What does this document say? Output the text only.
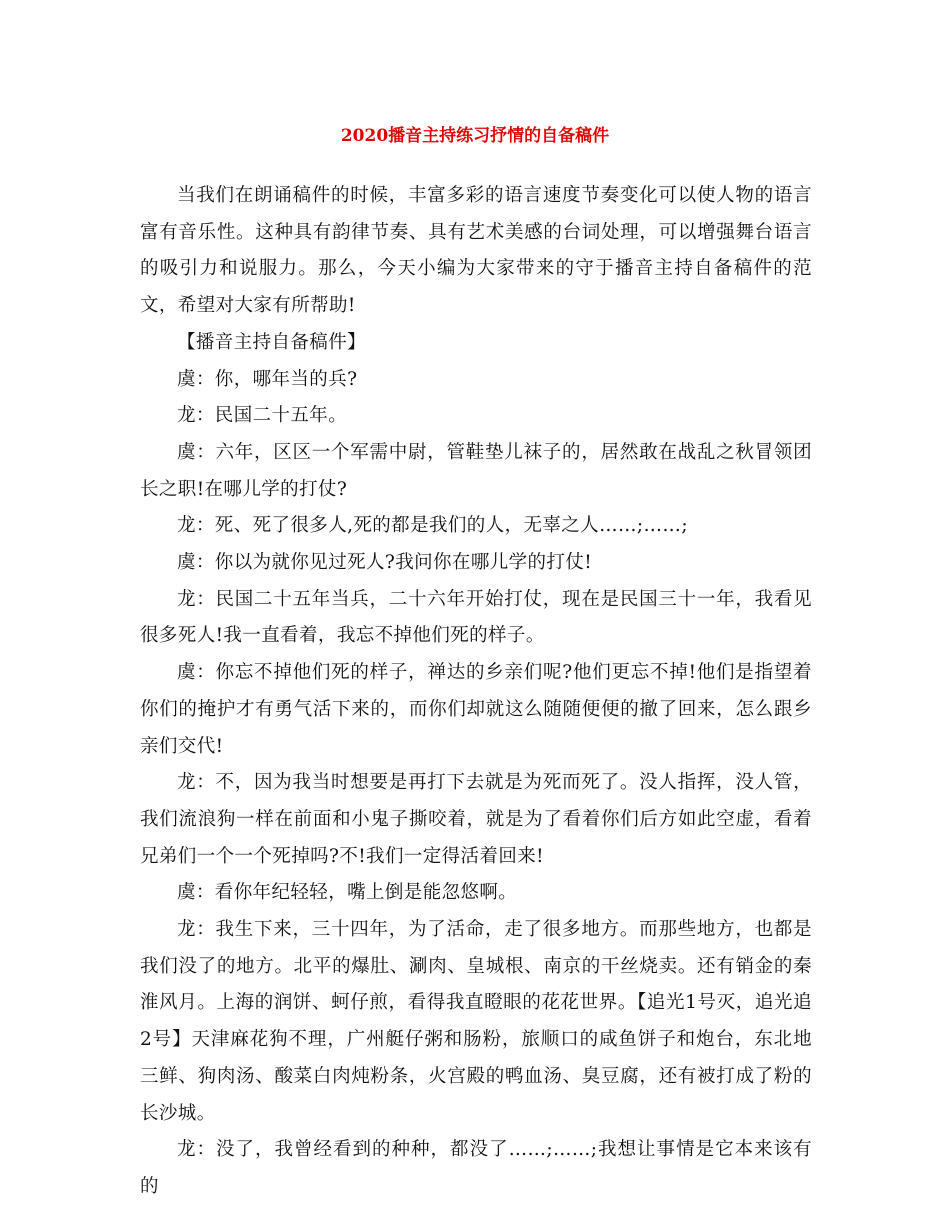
2020播音主持练习抒情的自备稿件

当我们在朗诵稿件的时候，丰富多彩的语言速度节奏变化可以使人物的语言富有音乐性。这种具有韵律节奏、具有艺术美感的台词处理，可以增强舞台语言的吸引力和说服力。那么，今天小编为大家带来的守于播音主持自备稿件的范文，希望对大家有所帮助!

【播音主持自备稿件】

虞：你，哪年当的兵?

龙：民国二十五年。

虞：六年，区区一个军需中尉，管鞋垫儿袜子的，居然敢在战乱之秋冒领团长之职!在哪儿学的打仗?

龙：死、死了很多人,死的都是我们的人，无辜之人……;……;

虞：你以为就你见过死人?我问你在哪儿学的打仗!

龙：民国二十五年当兵，二十六年开始打仗，现在是民国三十一年，我看见很多死人!我一直看着，我忘不掉他们死的样子。

虞：你忘不掉他们死的样子，禅达的乡亲们呢?他们更忘不掉!他们是指望着你们的掩护才有勇气活下来的，而你们却就这么随随便便的撤了回来，怎么跟乡亲们交代!

龙：不，因为我当时想要是再打下去就是为死而死了。没人指挥，没人管，我们流浪狗一样在前面和小鬼子撕咬着，就是为了看着你们后方如此空虚，看着兄弟们一个一个死掉吗?不!我们一定得活着回来!

虞：看你年纪轻轻，嘴上倒是能忽悠啊。

龙：我生下来，三十四年，为了活命，走了很多地方。而那些地方，也都是我们没了的地方。北平的爆肚、涮肉、皇城根、南京的干丝烧卖。还有销金的秦淮风月。上海的润饼、蚵仔煎，看得我直瞪眼的花花世界。【追光1号灭，追光追2号】天津麻花狗不理，广州艇仔粥和肠粉，旅顺口的咸鱼饼子和炮台，东北地三鲜、狗肉汤、酸菜白肉炖粉条，火宫殿的鸭血汤、臭豆腐，还有被打成了粉的长沙城。

龙：没了，我曾经看到的种种，都没了……;……;我想让事情是它本来该有的
